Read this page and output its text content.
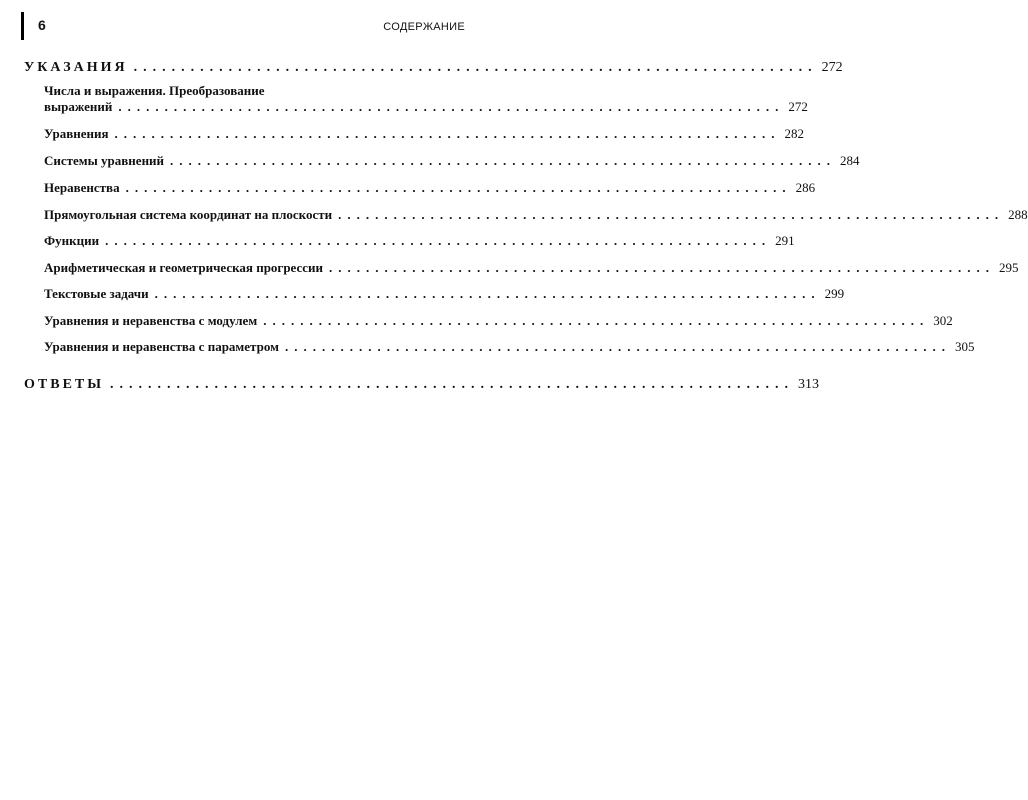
6	СОДЕРЖАНИЕ
УКАЗАНИЯ ........................................................................ 272
Числа и выражения. Преобразование
выражений ........................................................................ 272
Уравнения ........................................................................ 282
Системы уравнений ........................................................................ 284
Неравенства ........................................................................ 286
Прямоугольная система координат на плоскости ........................................................................ 288
Функции ........................................................................ 291
Арифметическая и геометрическая прогрессии ........................................................................ 295
Текстовые задачи ........................................................................ 299
Уравнения и неравенства с модулем ........................................................................ 302
Уравнения и неравенства с параметром ........................................................................ 305
ОТВЕТЫ ........................................................................ 313
